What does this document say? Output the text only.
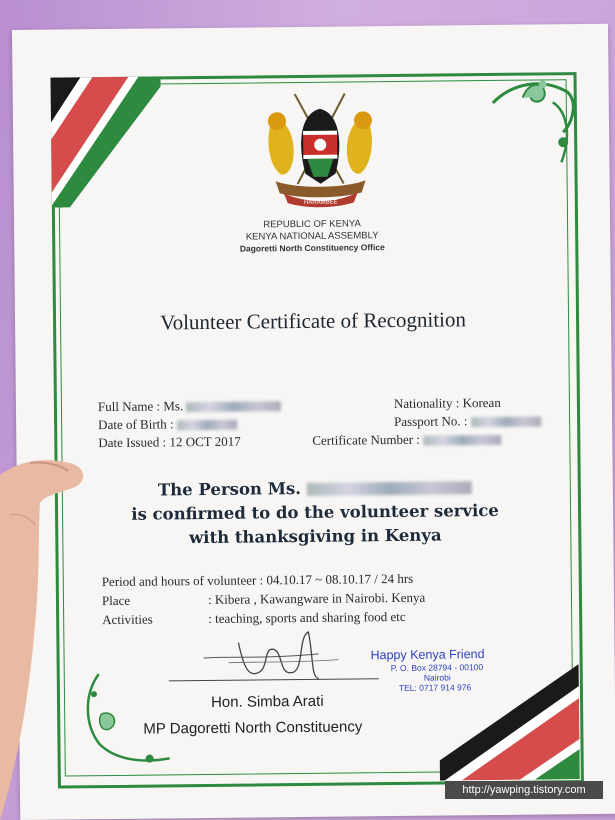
HARAMBEE
REPUBLIC OF KENYA
KENYA NATIONAL ASSEMBLY
Dagoretti North Constituency Office
Volunteer Certificate of Recognition
Full Name : Ms.	Nationality : Korean
Date of Birth :	Passport No. :
Date Issued : 12 OCT 2017	Certificate Number :
The Person Ms.
is confirmed to do the volunteer service
with thanksgiving in Kenya
Period and hours of volunteer : 04.10.17 ~ 08.10.17 / 24 hrs
Place	: Kibera , Kawangware in Nairobi. Kenya
Activities	: teaching, sports and sharing food etc
Happy Kenya Friend
P. O. Box 28794 - 00100
Nairobi
TEL: 0717 914 976
Hon. Simba Arati
MP Dagoretti North Constituency
http://yawping.tistory.com
